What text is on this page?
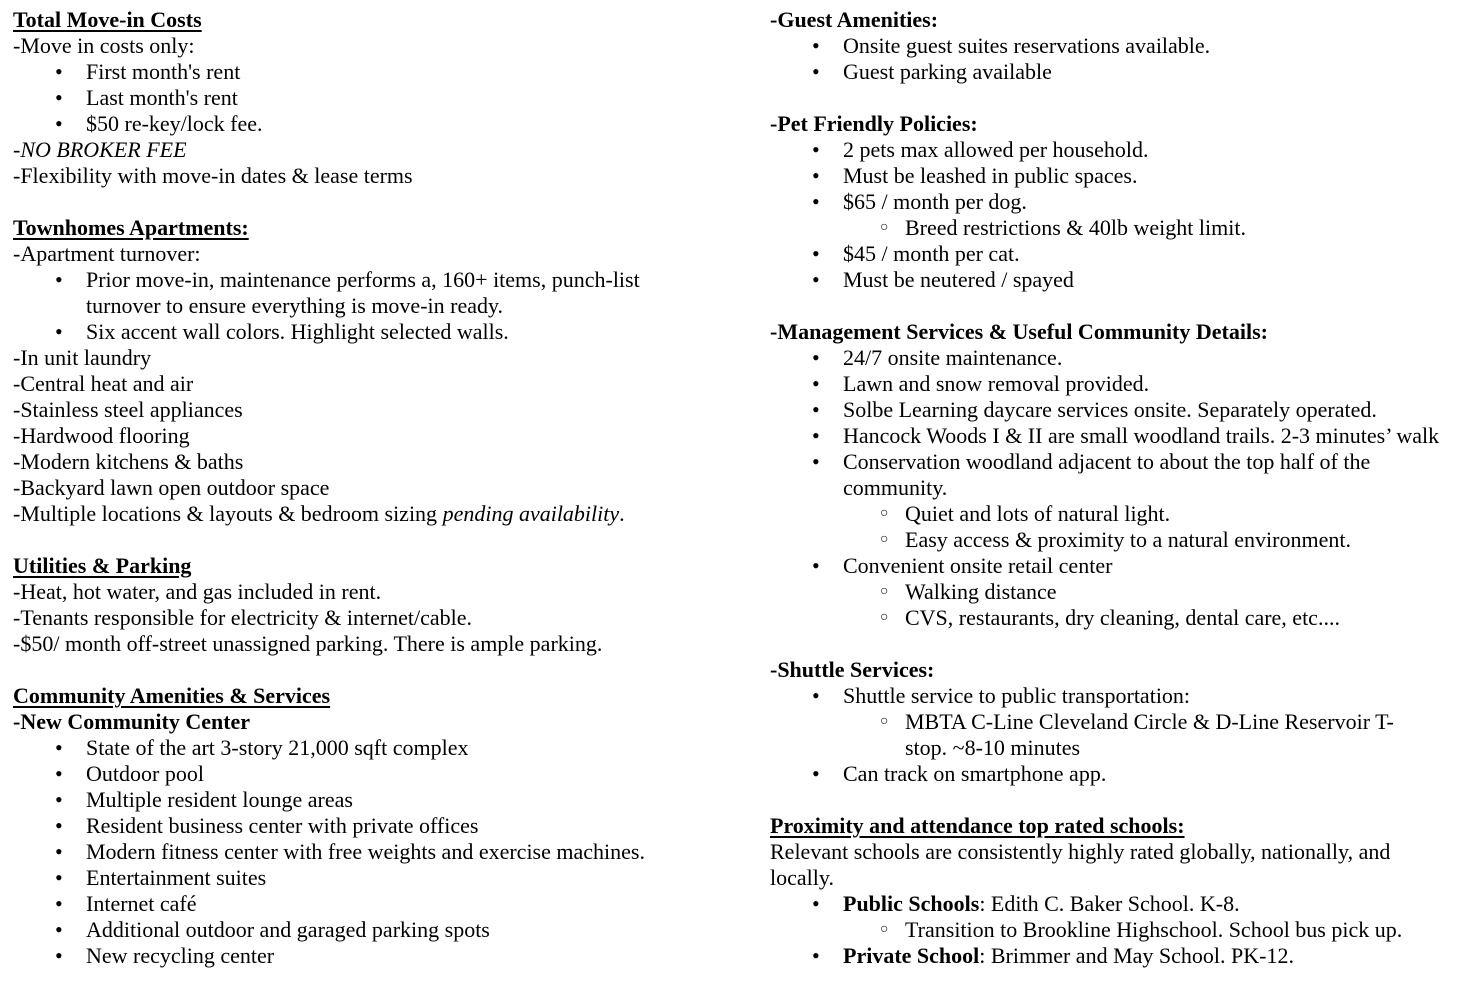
Total Move-in Costs
-Move in costs only:
• First month's rent
• Last month's rent
• $50 re-key/lock fee.
-NO BROKER FEE
-Flexibility with move-in dates & lease terms
Townhomes Apartments:
-Apartment turnover:
• Prior move-in, maintenance performs a, 160+ items, punch-list
turnover to ensure everything is move-in ready.
• Six accent wall colors. Highlight selected walls.
-In unit laundry
-Central heat and air
-Stainless steel appliances
-Hardwood flooring
-Modern kitchens & baths
-Backyard lawn open outdoor space
-Multiple locations & layouts & bedroom sizing pending availability.
Utilities & Parking
-Heat, hot water, and gas included in rent.
-Tenants responsible for electricity & internet/cable.
-$50/ month off-street unassigned parking. There is ample parking.
Community Amenities & Services
-New Community Center
• State of the art 3-story 21,000 sqft complex
• Outdoor pool
• Multiple resident lounge areas
• Resident business center with private offices
• Modern fitness center with free weights and exercise machines.
• Entertainment suites
• Internet café
• Additional outdoor and garaged parking spots
• New recycling center
-Guest Amenities:
• Onsite guest suites reservations available.
• Guest parking available
-Pet Friendly Policies:
• 2 pets max allowed per household.
• Must be leashed in public spaces.
• $65 / month per dog.
○ Breed restrictions & 40lb weight limit.
• $45 / month per cat.
• Must be neutered / spayed
-Management Services & Useful Community Details:
• 24/7 onsite maintenance.
• Lawn and snow removal provided.
• Solbe Learning daycare services onsite. Separately operated.
• Hancock Woods I & II are small woodland trails. 2-3 minutes’ walk
• Conservation woodland adjacent to about the top half of the
community.
○ Quiet and lots of natural light.
○ Easy access & proximity to a natural environment.
• Convenient onsite retail center
○ Walking distance
○ CVS, restaurants, dry cleaning, dental care, etc....
-Shuttle Services:
• Shuttle service to public transportation:
○ MBTA C-Line Cleveland Circle & D-Line Reservoir T-
stop. ~8-10 minutes
• Can track on smartphone app.
Proximity and attendance top rated schools:
Relevant schools are consistently highly rated globally, nationally, and
locally.
• Public Schools: Edith C. Baker School. K-8.
○ Transition to Brookline Highschool. School bus pick up.
• Private School: Brimmer and May School. PK-12.
